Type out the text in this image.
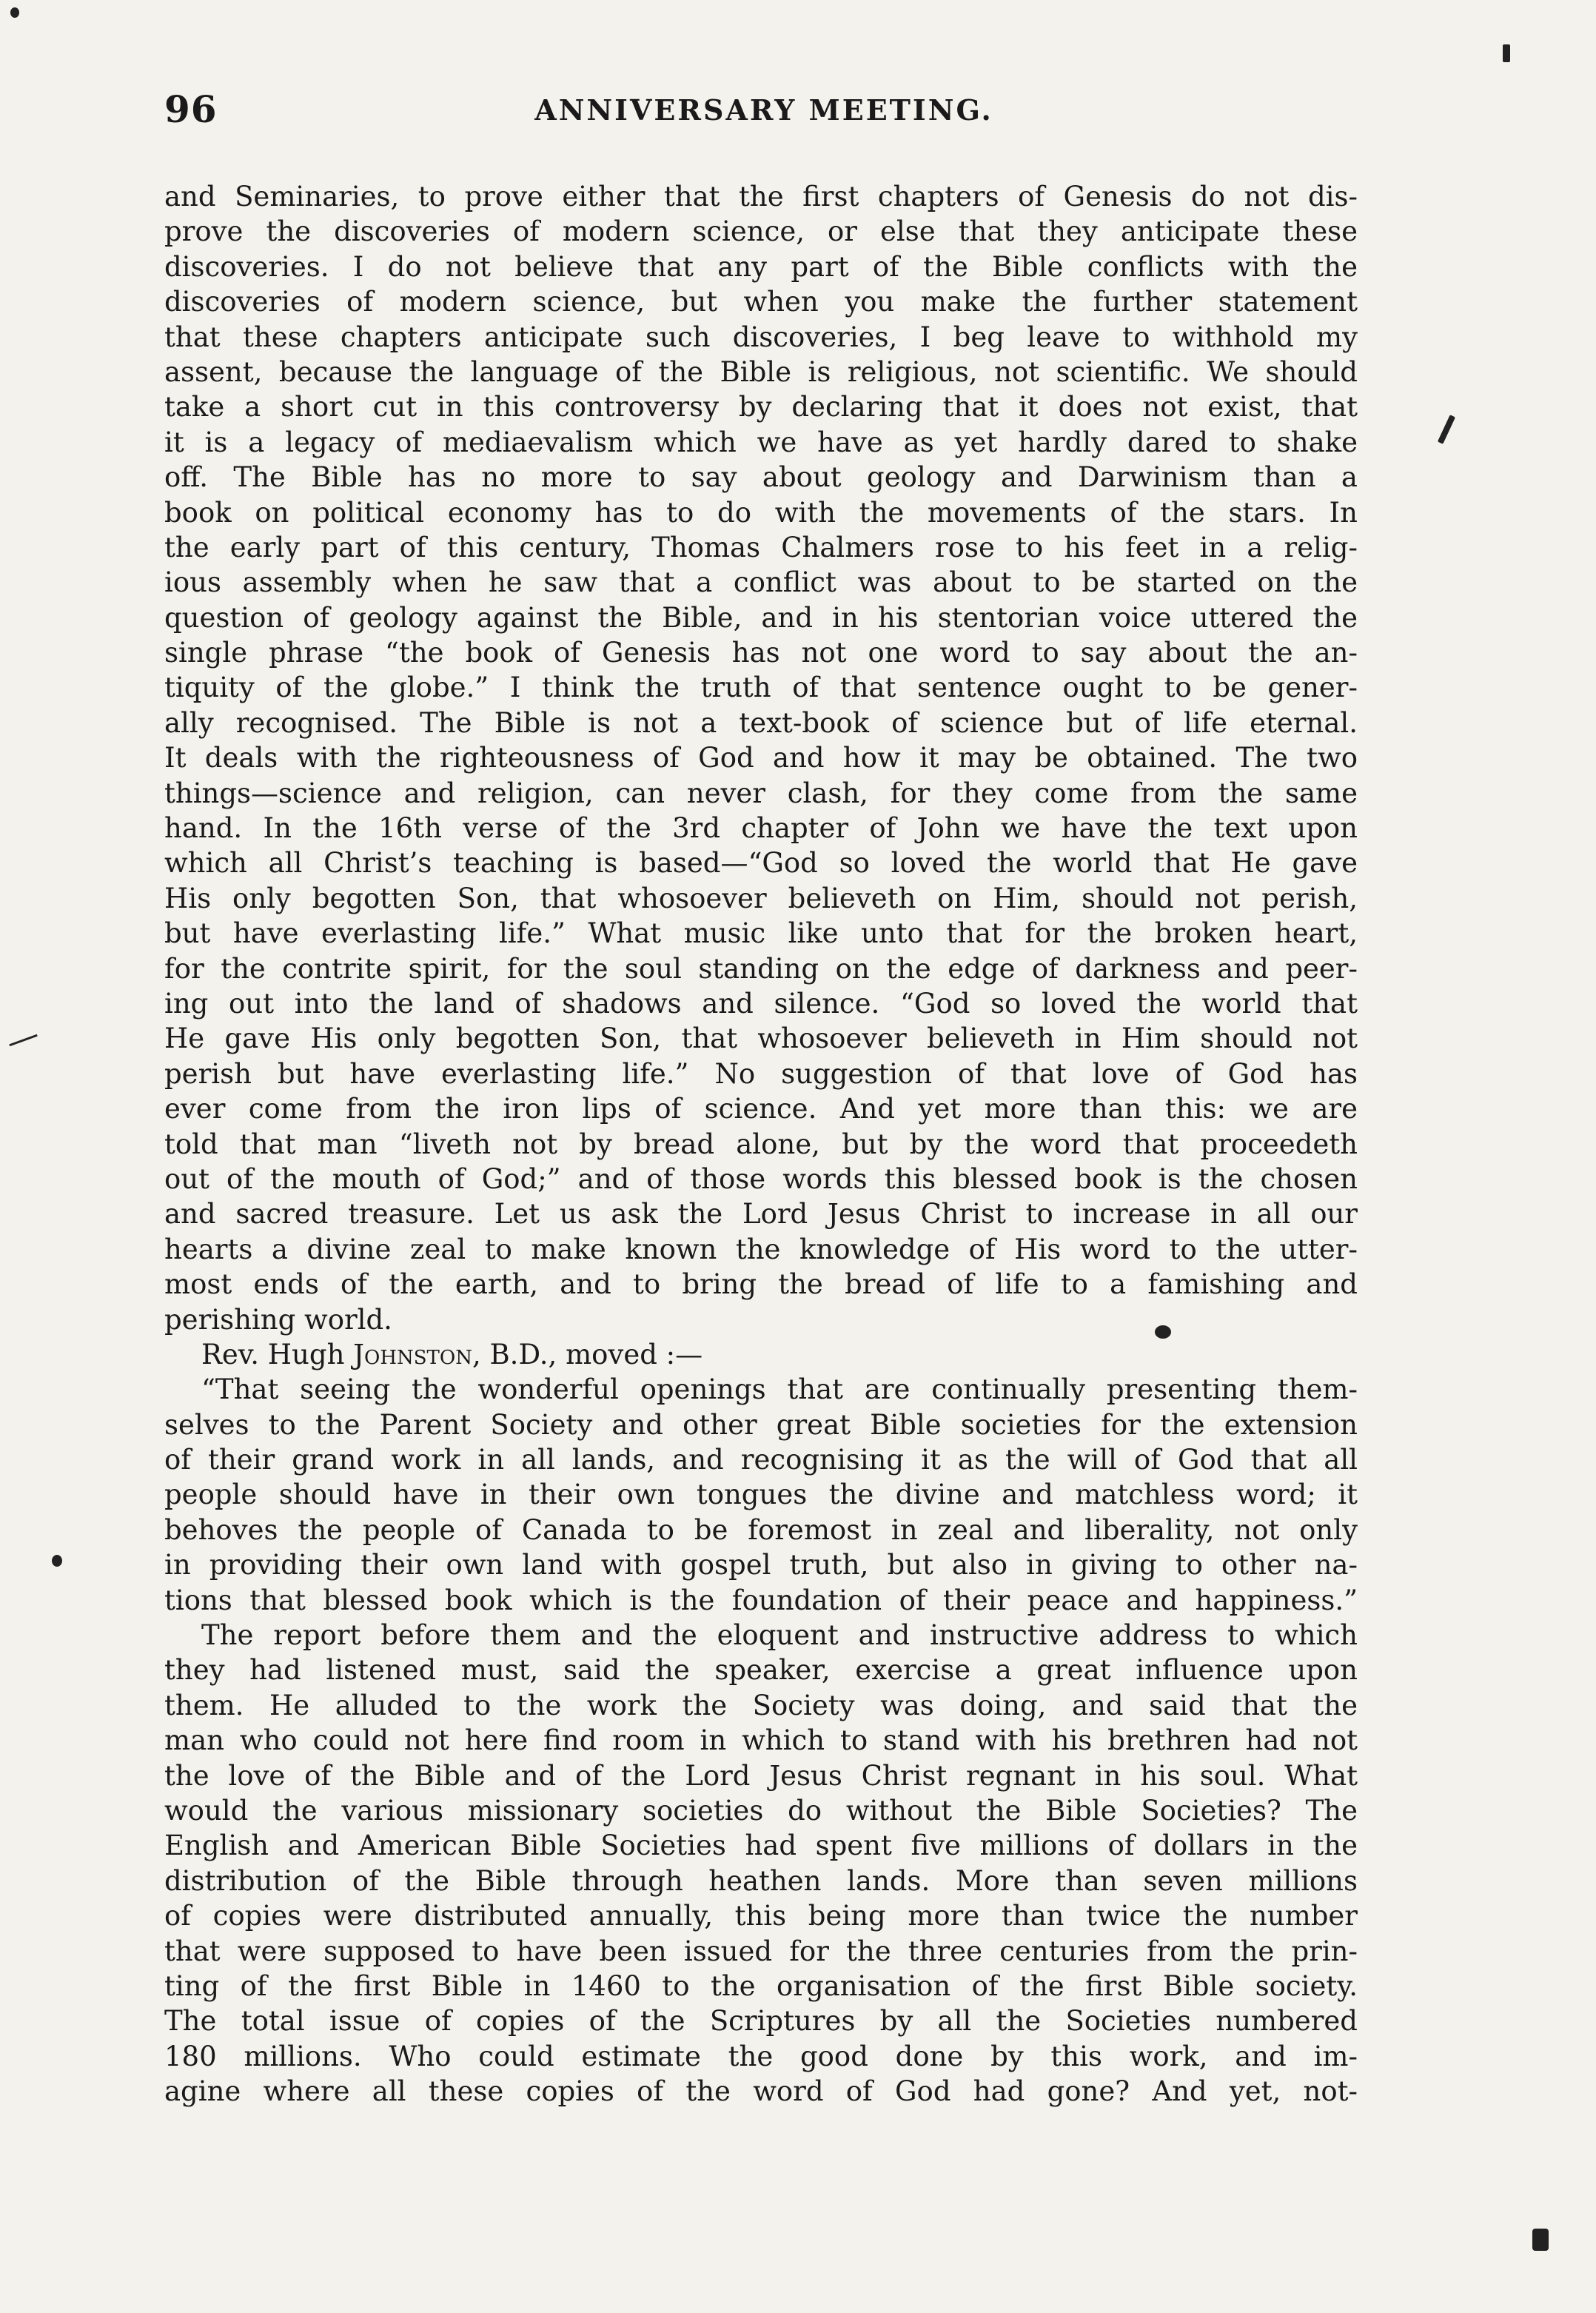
96	ANNIVERSARY MEETING.
and Seminaries, to prove either that the first chapters of Genesis do not dis-
prove the discoveries of modern science, or else that they anticipate these
discoveries. I do not believe that any part of the Bible conflicts with the
discoveries of modern science, but when you make the further statement
that these chapters anticipate such discoveries, I beg leave to withhold my
assent, because the language of the Bible is religious, not scientific. We should
take a short cut in this controversy by declaring that it does not exist, that
it is a legacy of mediaevalism which we have as yet hardly dared to shake
off. The Bible has no more to say about geology and Darwinism than a
book on political economy has to do with the movements of the stars. In
the early part of this century, Thomas Chalmers rose to his feet in a relig-
ious assembly when he saw that a conflict was about to be started on the
question of geology against the Bible, and in his stentorian voice uttered the
single phrase “the book of Genesis has not one word to say about the an-
tiquity of the globe.” I think the truth of that sentence ought to be gener-
ally recognised. The Bible is not a text-book of science but of life eternal.
It deals with the righteousness of God and how it may be obtained. The two
things—science and religion, can never clash, for they come from the same
hand. In the 16th verse of the 3rd chapter of John we have the text upon
which all Christ’s teaching is based—“God so loved the world that He gave
His only begotten Son, that whosoever believeth on Him, should not perish,
but have everlasting life.” What music like unto that for the broken heart,
for the contrite spirit, for the soul standing on the edge of darkness and peer-
ing out into the land of shadows and silence. “God so loved the world that
He gave His only begotten Son, that whosoever believeth in Him should not
perish but have everlasting life.” No suggestion of that love of God has
ever come from the iron lips of science. And yet more than this: we are
told that man “liveth not by bread alone, but by the word that proceedeth
out of the mouth of God;” and of those words this blessed book is the chosen
and sacred treasure. Let us ask the Lord Jesus Christ to increase in all our
hearts a divine zeal to make known the knowledge of His word to the utter-
most ends of the earth, and to bring the bread of life to a famishing and
perishing world.
Rev. Hugh Johnston, B.D., moved :—
“That seeing the wonderful openings that are continually presenting them-
selves to the Parent Society and other great Bible societies for the extension
of their grand work in all lands, and recognising it as the will of God that all
people should have in their own tongues the divine and matchless word; it
behoves the people of Canada to be foremost in zeal and liberality, not only
in providing their own land with gospel truth, but also in giving to other na-
tions that blessed book which is the foundation of their peace and happiness.”
The report before them and the eloquent and instructive address to which
they had listened must, said the speaker, exercise a great influence upon
them. He alluded to the work the Society was doing, and said that the
man who could not here find room in which to stand with his brethren had not
the love of the Bible and of the Lord Jesus Christ regnant in his soul. What
would the various missionary societies do without the Bible Societies? The
English and American Bible Societies had spent five millions of dollars in the
distribution of the Bible through heathen lands. More than seven millions
of copies were distributed annually, this being more than twice the number
that were supposed to have been issued for the three centuries from the prin-
ting of the first Bible in 1460 to the organisation of the first Bible society.
The total issue of copies of the Scriptures by all the Societies numbered
180 millions. Who could estimate the good done by this work, and im-
agine where all these copies of the word of God had gone? And yet, not-
